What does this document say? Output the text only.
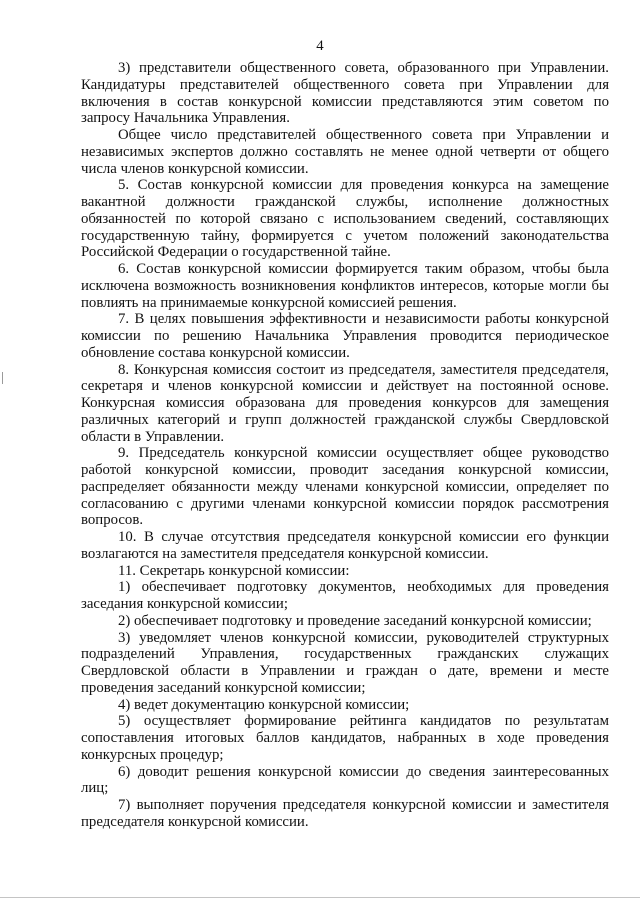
4

3) представители общественного совета, образованного при Управлении. Кандидатуры представителей общественного совета при Управлении для включения в состав конкурсной комиссии представляются этим советом по запросу Начальника Управления.

Общее число представителей общественного совета при Управлении и независимых экспертов должно составлять не менее одной четверти от общего числа членов конкурсной комиссии.

5. Состав конкурсной комиссии для проведения конкурса на замещение вакантной должности гражданской службы, исполнение должностных обязанностей по которой связано с использованием сведений, составляющих государственную тайну, формируется с учетом положений законодательства Российской Федерации о государственной тайне.

6. Состав конкурсной комиссии формируется таким образом, чтобы была исключена возможность возникновения конфликтов интересов, которые могли бы повлиять на принимаемые конкурсной комиссией решения.

7. В целях повышения эффективности и независимости работы конкурсной комиссии по решению Начальника Управления проводится периодическое обновление состава конкурсной комиссии.

8. Конкурсная комиссия состоит из председателя, заместителя председателя, секретаря и членов конкурсной комиссии и действует на постоянной основе. Конкурсная комиссия образована для проведения конкурсов для замещения различных категорий и групп должностей гражданской службы Свердловской области в Управлении.

9. Председатель конкурсной комиссии осуществляет общее руководство работой конкурсной комиссии, проводит заседания конкурсной комиссии, распределяет обязанности между членами конкурсной комиссии, определяет по согласованию с другими членами конкурсной комиссии порядок рассмотрения вопросов.

10. В случае отсутствия председателя конкурсной комиссии его функции возлагаются на заместителя председателя конкурсной комиссии.

11. Секретарь конкурсной комиссии:

1) обеспечивает подготовку документов, необходимых для проведения заседания конкурсной комиссии;

2) обеспечивает подготовку и проведение заседаний конкурсной комиссии;

3) уведомляет членов конкурсной комиссии, руководителей структурных подразделений Управления, государственных гражданских служащих Свердловской области в Управлении и граждан о дате, времени и месте проведения заседаний конкурсной комиссии;

4) ведет документацию конкурсной комиссии;

5) осуществляет формирование рейтинга кандидатов по результатам сопоставления итоговых баллов кандидатов, набранных в ходе проведения конкурсных процедур;

6) доводит решения конкурсной комиссии до сведения заинтересованных лиц;

7) выполняет поручения председателя конкурсной комиссии и заместителя председателя конкурсной комиссии.
